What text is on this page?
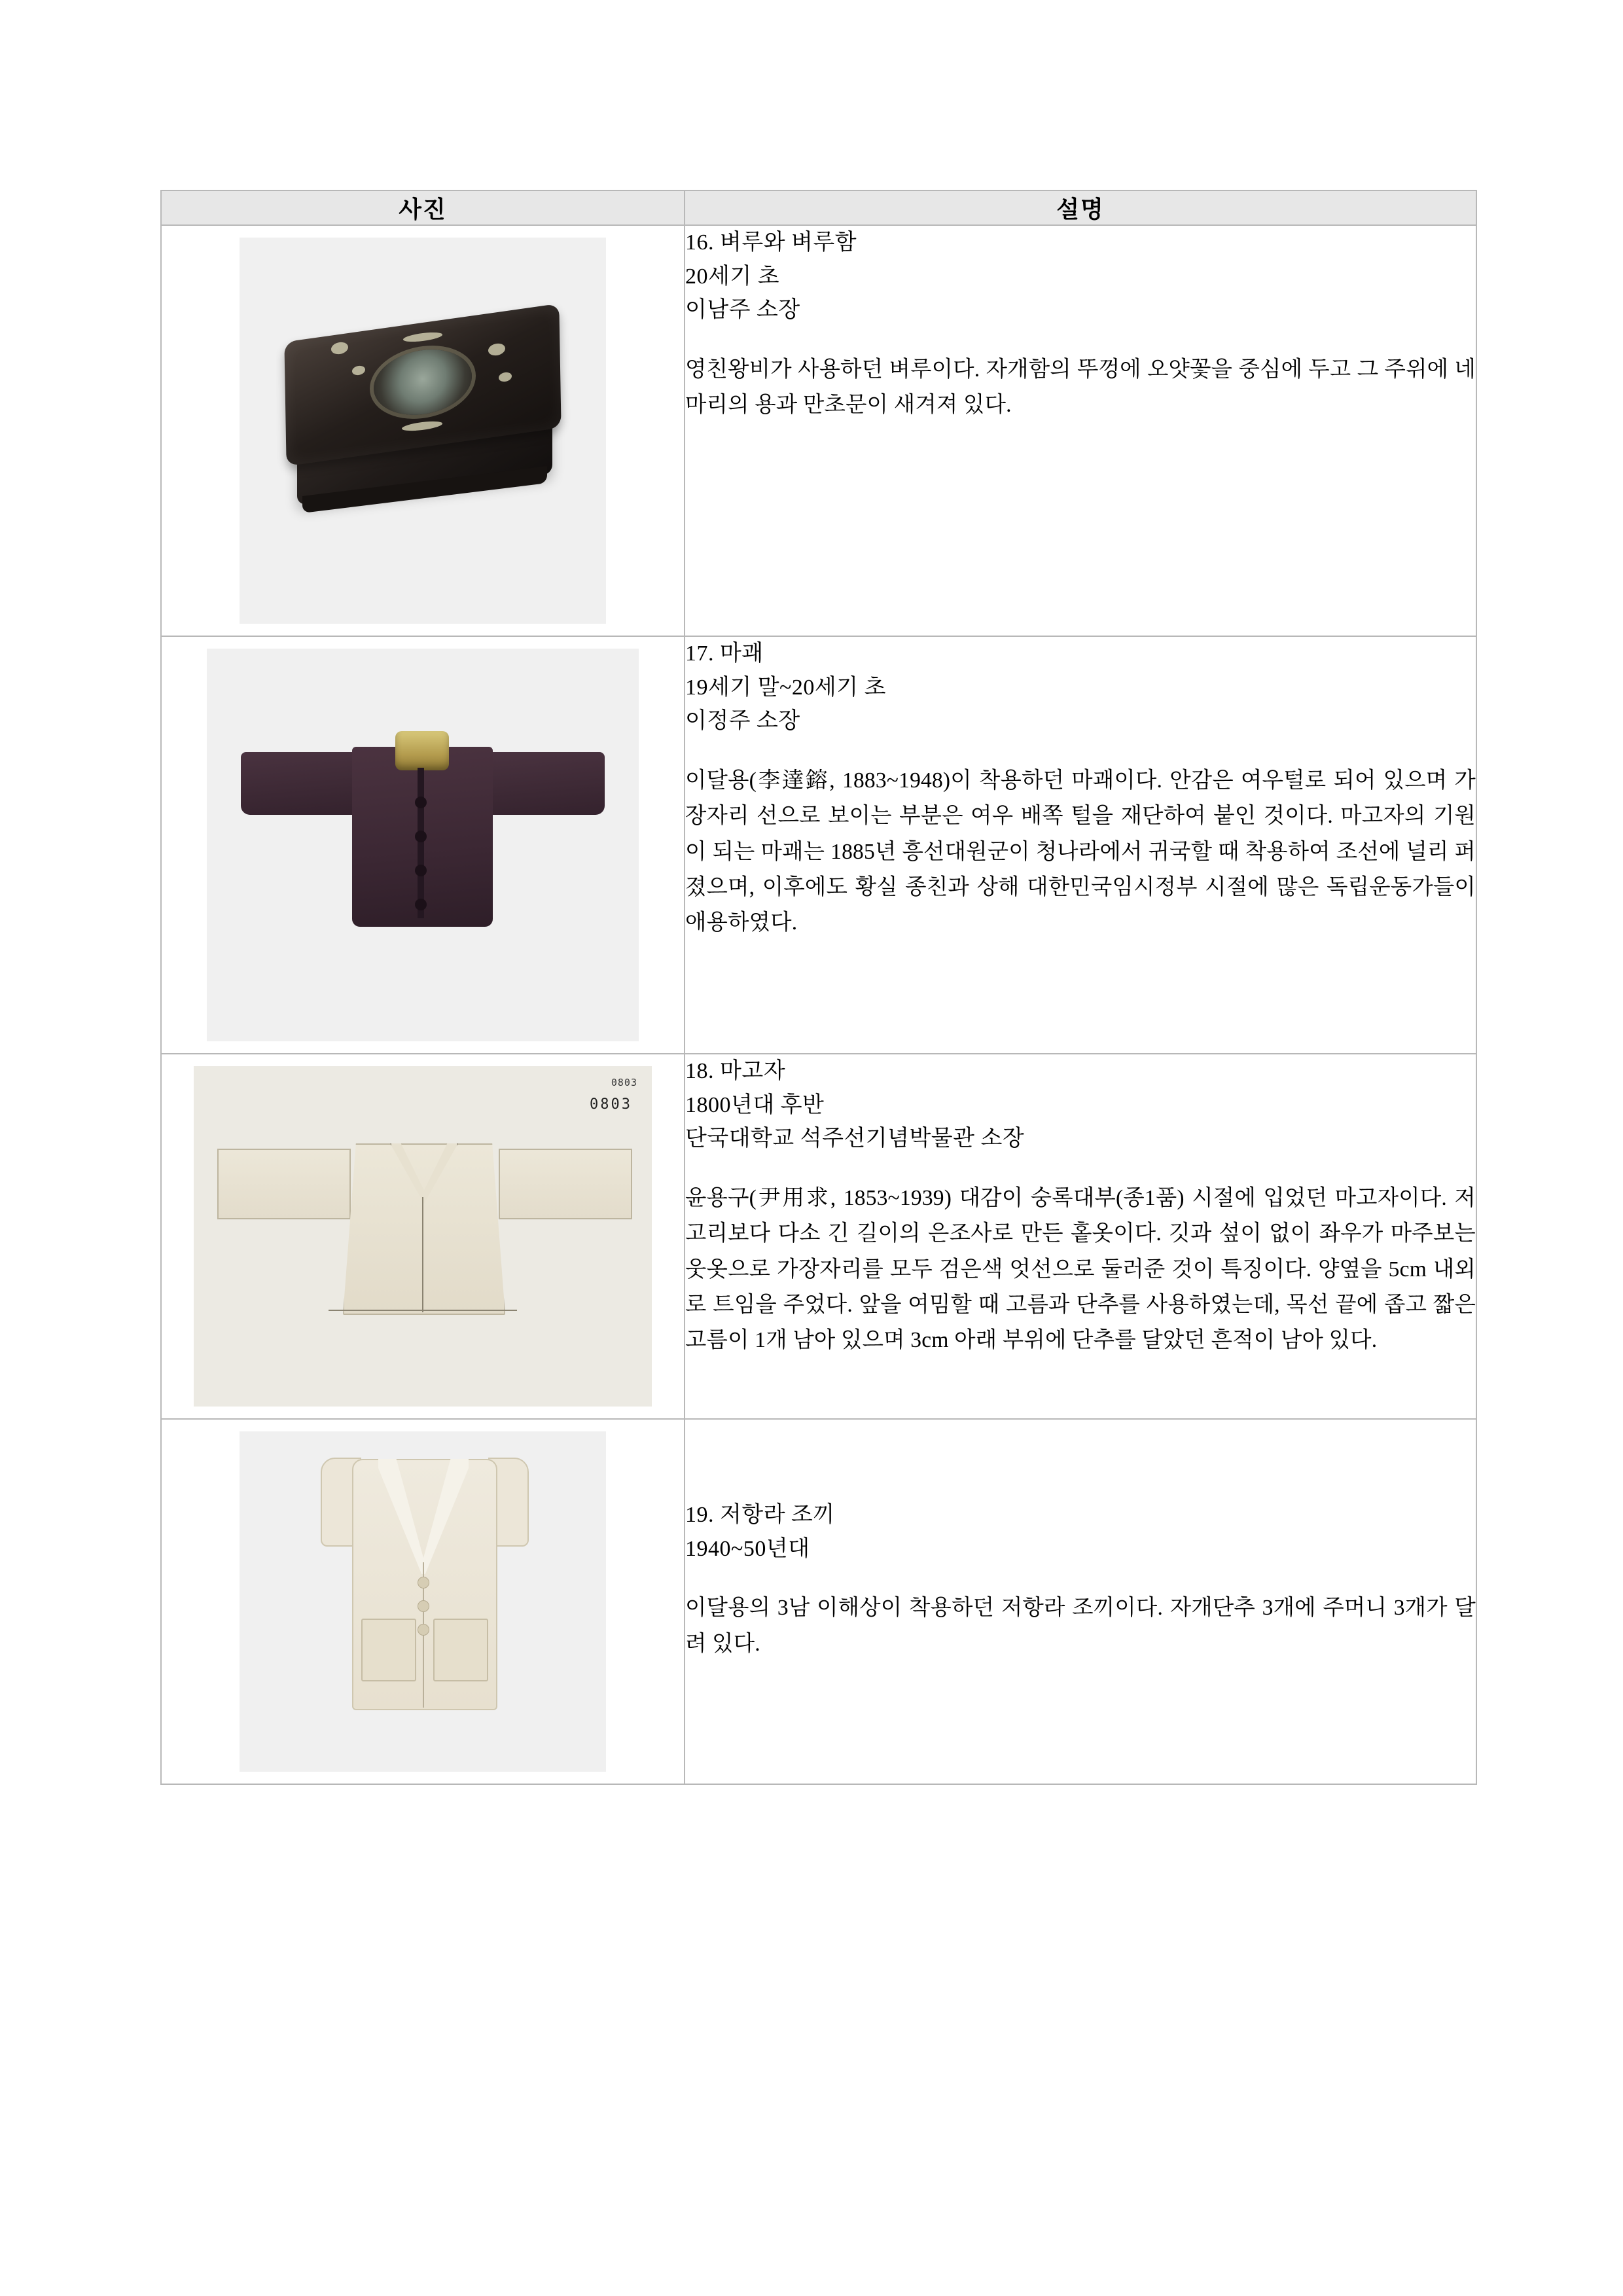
사진	설명

	16. 벼루와 벼루함

20세기 초

이남주 소장

영친왕비가 사용하던 벼루이다. 자개함의 뚜껑에 오얏꽃을 중심에 두고 그 주위에 네 마리의 용과 만초문이 새겨져 있다.

	17. 마괘

19세기 말~20세기 초

이정주 소장

이달용(李達鎔, 1883~1948)이 착용하던 마괘이다. 안감은 여우털로 되어 있으며 가장자리 선으로 보이는 부분은 여우 배쪽 털을 재단하여 붙인 것이다. 마고자의 기원이 되는 마괘는 1885년 흥선대원군이 청나라에서 귀국할 때 착용하여 조선에 널리 퍼졌으며, 이후에도 황실 종친과 상해 대한민국임시정부 시절에 많은 독립운동가들이 애용하였다.

0803
0803

18. 마고자

1800년대 후반

단국대학교 석주선기념박물관 소장

윤용구(尹用求, 1853~1939) 대감이 숭록대부(종1품) 시절에 입었던 마고자이다. 저고리보다 다소 긴 길이의 은조사로 만든 홑옷이다. 깃과 섶이 없이 좌우가 마주보는 웃옷으로 가장자리를 모두 검은색 엇선으로 둘러준 것이 특징이다. 양옆을 5cm 내외로 트임을 주었다. 앞을 여밈할 때 고름과 단추를 사용하였는데, 목선 끝에 좁고 짧은 고름이 1개 남아 있으며 3cm 아래 부위에 단추를 달았던 흔적이 남아 있다.

	19. 저항라 조끼

1940~50년대

이달용의 3남 이해상이 착용하던 저항라 조끼이다. 자개단추 3개에 주머니 3개가 달려 있다.
